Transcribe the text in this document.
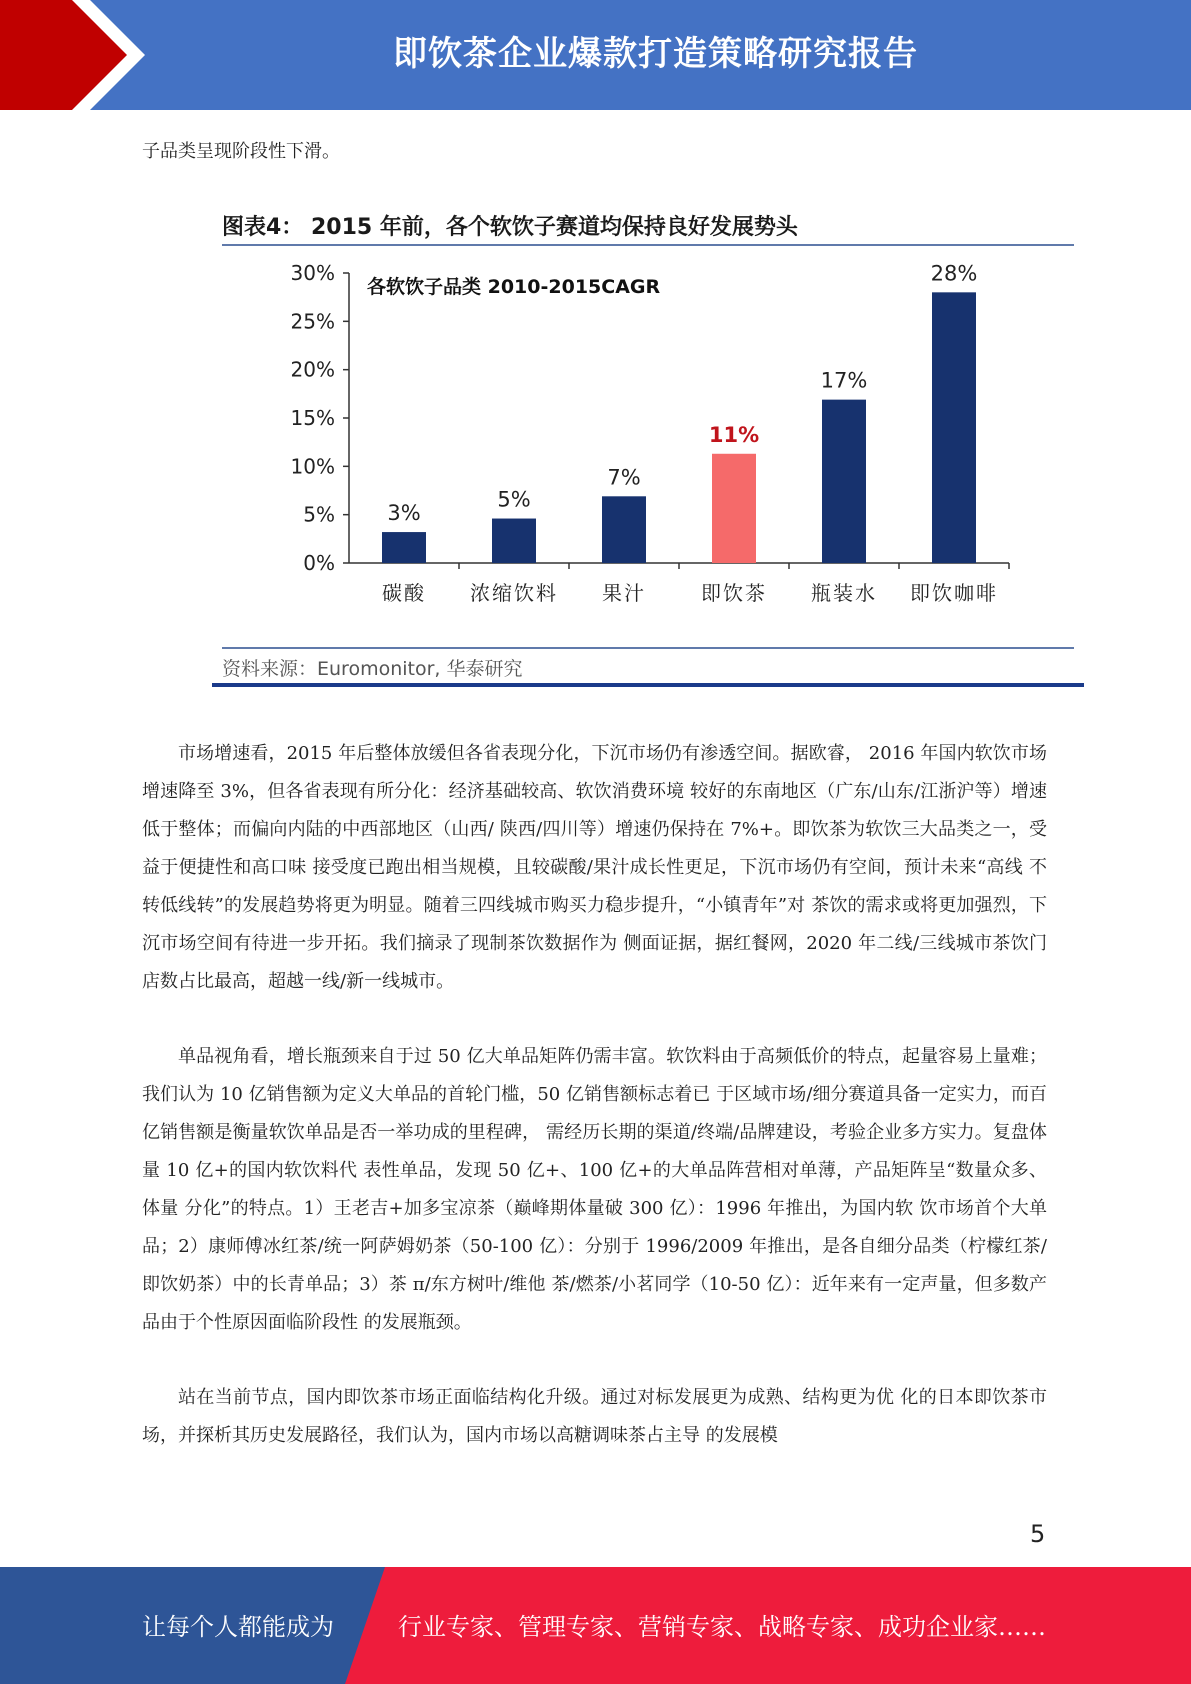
即饮茶企业爆款打造策略研究报告
子品类呈现阶段性下滑。
0%
5%
10%
15%
20%
25%
30%
各软饮子品类 2010-2015CAGR
3%
碳酸
5%
浓缩饮料
7%
果汁
11%
即饮茶
17%
瓶装水
28%
即饮咖啡
图表4： 2015 年前，各个软饮子赛道均保持良好发展势头
资料来源：Euromonitor, 华泰研究

市场增速看，2015 年后整体放缓但各省表现分化，下沉市场仍有渗透空间。据欧睿， 2016 年国内软饮市场增速降至 3%，但各省表现有所分化：经济基础较高、软饮消费环境 较好的东南地区（广东/山东/江浙沪等）增速低于整体；而偏向内陆的中西部地区（山西/ 陕西/四川等）增速仍保持在 7%+。即饮茶为软饮三大品类之一，受益于便捷性和高口味 接受度已跑出相当规模，且较碳酸/果汁成长性更足，下沉市场仍有空间，预计未来“高线 不转低线转”的发展趋势将更为明显。随着三四线城市购买力稳步提升，“小镇青年”对 茶饮的需求或将更加强烈，下沉市场空间有待进一步开拓。我们摘录了现制茶饮数据作为 侧面证据，据红餐网，2020 年二线/三线城市茶饮门店数占比最高，超越一线/新一线城市。

单品视角看，增长瓶颈来自于过 50 亿大单品矩阵仍需丰富。软饮料由于高频低价的特点，起量容易上量难；我们认为 10 亿销售额为定义大单品的首轮门槛，50 亿销售额标志着已 于区域市场/细分赛道具备一定实力，而百亿销售额是衡量软饮单品是否一举功成的里程碑， 需经历长期的渠道/终端/品牌建设，考验企业多方实力。复盘体量 10 亿+的国内软饮料代 表性单品，发现 50 亿+、100 亿+的大单品阵营相对单薄，产品矩阵呈“数量众多、体量 分化”的特点。1）王老吉+加多宝凉茶（巅峰期体量破 300 亿）：1996 年推出，为国内软 饮市场首个大单品；2）康师傅冰红茶/统一阿萨姆奶茶（50-100 亿）：分别于 1996/2009 年推出，是各自细分品类（柠檬红茶/即饮奶茶）中的长青单品；3）茶 π/东方树叶/维他 茶/燃茶/小茗同学（10-50 亿）：近年来有一定声量，但多数产品由于个性原因面临阶段性 的发展瓶颈。

站在当前节点，国内即饮茶市场正面临结构化升级。通过对标发展更为成熟、结构更为优 化的日本即饮茶市场，并探析其历史发展路径，我们认为，国内市场以高糖调味茶占主导 的发展模

5
让每个人都能成为	行业专家、管理专家、营销专家、战略专家、成功企业家……
